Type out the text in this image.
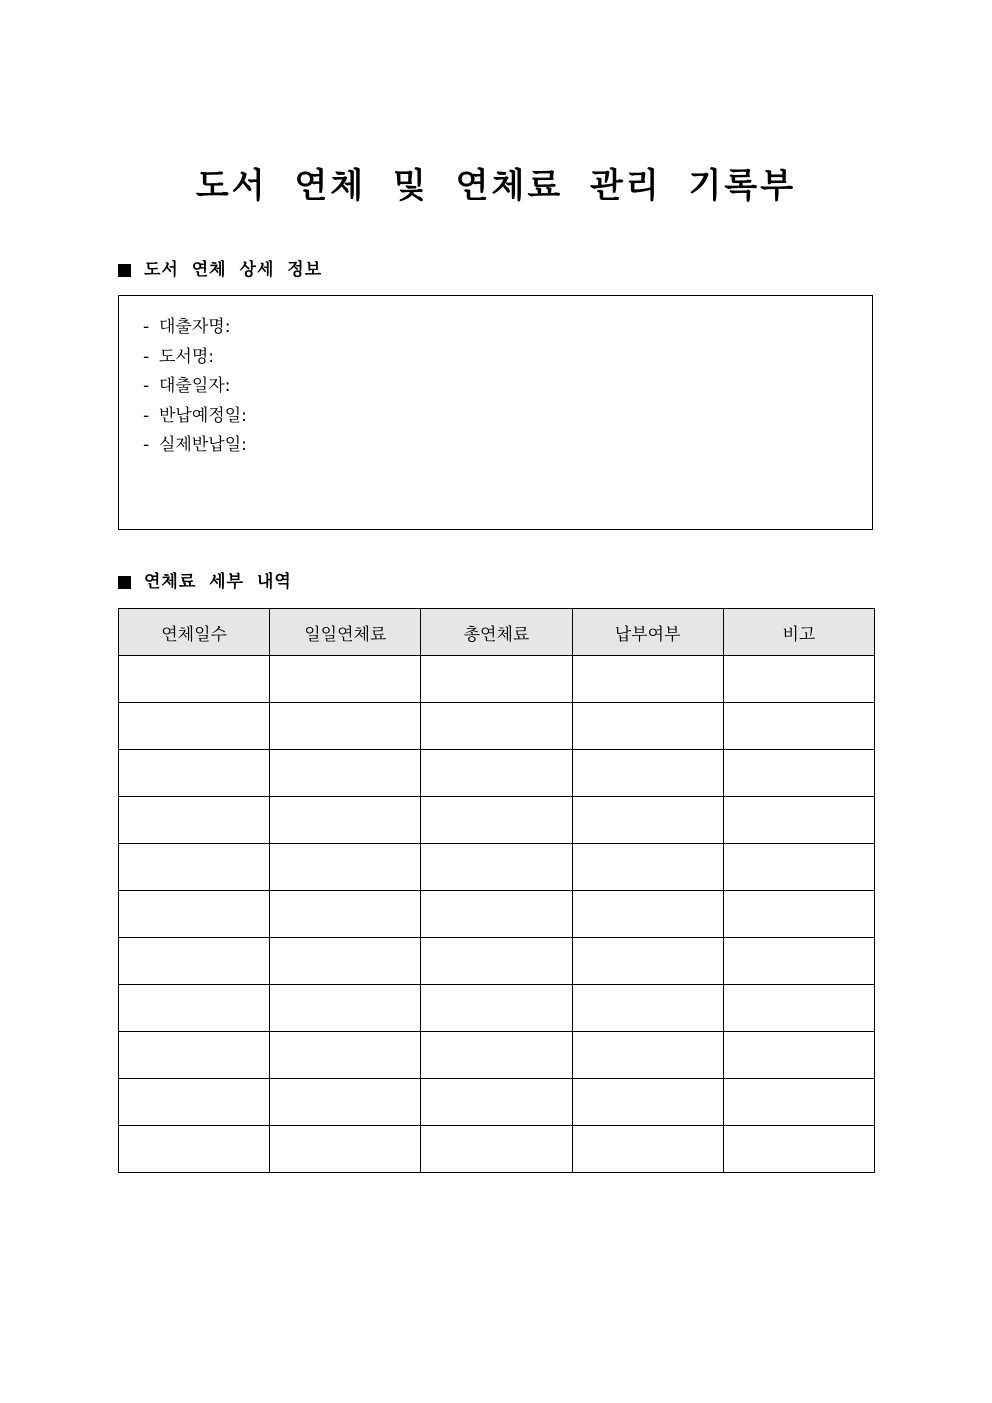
도서 연체 및 연체료 관리 기록부
도서 연체 상세 정보
- 대출자명:
- 도서명:
- 대출일자:
- 반납예정일:
- 실제반납일:
연체료 세부 내역
연체일수	일일연체료	총연체료	납부여부	비고
